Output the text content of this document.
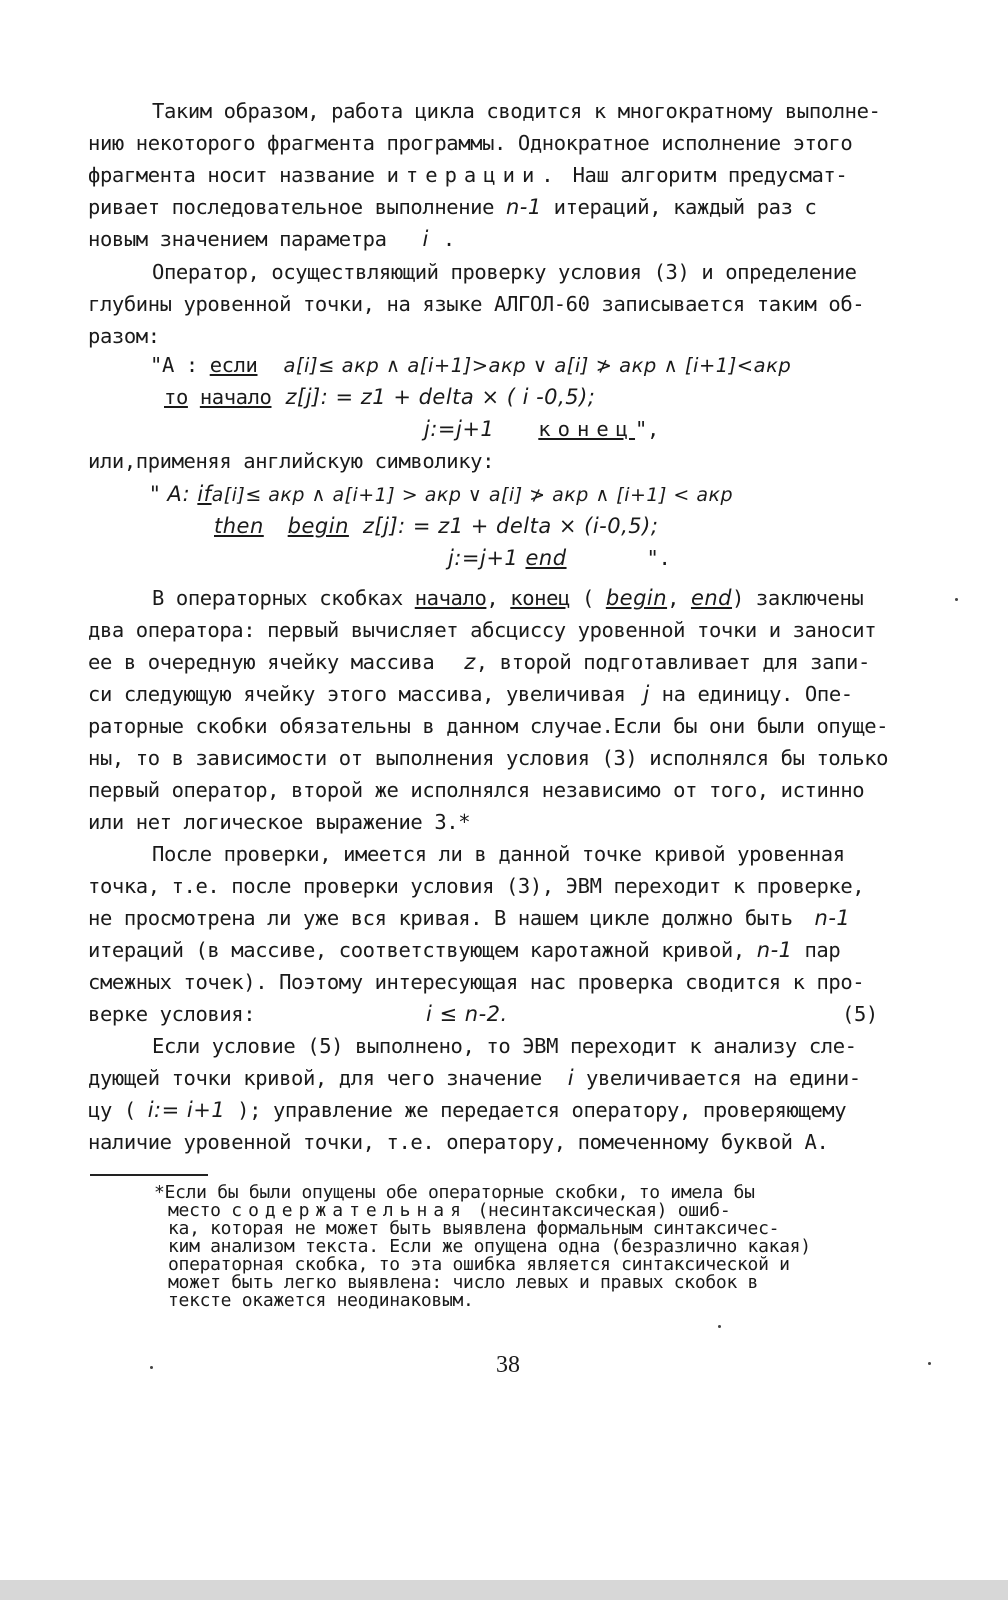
Таким образом, работа цикла сводится к многократному выполне-
нию некоторого фрагмента программы. Однократное исполнение этого
фрагмента носит название итерации. Наш алгоритм предусмат-
ривает последовательное выполнение n-1 итераций, каждый раз с
новым значением параметра i .
Оператор, осуществляющий проверку условия (3) и определение
глубины уровенной точки, на языке АЛГОЛ-60 записывается таким об-
разом:
"А : если a[i]≤ акр ∧ a[i+1]>акр ∨ a[i] ≯ акр ∧ [i+1]<акр
то начало z[j]: = z1 + delta × ( i -0,5);
j:=j+1 конец",
или,применяя английскую символику:
" A: ifa[i]≤ акр ∧ a[i+1] > акр ∨ a[i] ≯ акр ∧ [i+1] < акр
then begin z[j]: = z1 + delta × (i-0,5);
j:=j+1 end	".
В операторных скобках начало, конец ( begin, end) заключены
два оператора: первый вычисляет абсциссу уровенной точки и заносит
ее в очередную ячейку массива z, второй подготавливает для запи-
си следующую ячейку этого массива, увеличивая j на единицу. Опе-
раторные скобки обязательны в данном случае.Если бы они были опуще-
ны, то в зависимости от выполнения условия (3) исполнялся бы только
первый оператор, второй же исполнялся независимо от того, истинно
или нет логическое выражение 3.*
После проверки, имеется ли в данной точке кривой уровенная
точка, т.е. после проверки условия (3), ЭВМ переходит к проверке,
не просмотрена ли уже вся кривая. В нашем цикле должно быть n-1
итераций (в массиве, соответствующем каротажной кривой, n-1 пар
смежных точек). Поэтому интересующая нас проверка сводится к про-
верке условия:	i ≤ n-2.	(5)
Если условие (5) выполнено, то ЭВМ переходит к анализу сле-
дующей точки кривой, для чего значение i увеличивается на едини-
цу ( i:= i+1 ); управление же передается оператору, проверяющему
наличие уровенной точки, т.е. оператору, помеченному буквой А.
*Если бы были опущены обе операторные скобки, то имела бы
место содержательная (несинтаксическая) ошиб-
ка, которая не может быть выявлена формальным синтаксичес-
ким анализом текста. Если же опущена одна (безразлично какая)
операторная скобка, то эта ошибка является синтаксической и
может быть легко выявлена: число левых и правых скобок в
тексте окажется неодинаковым.
38
